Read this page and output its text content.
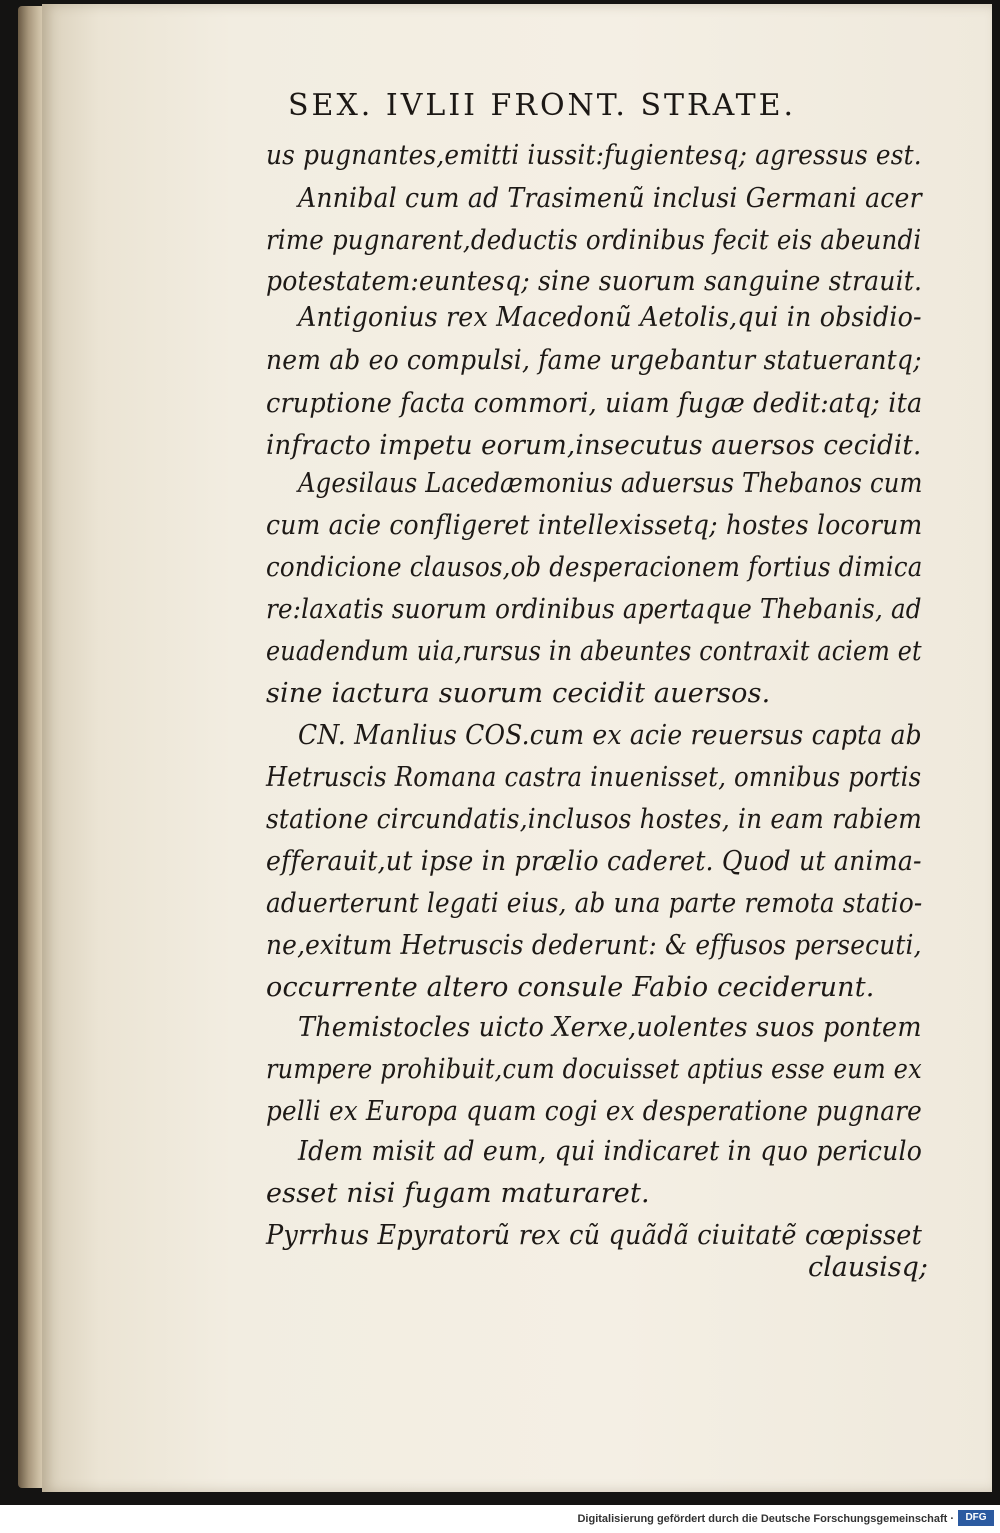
SEX. IVLII FRONT. STRATE.
us pugnantes,emitti iussit:fugientesq; agressus est.
Annibal cum ad Trasimenũ inclusi Germani acer
rime pugnarent,deductis ordinibus fecit eis abeundi
potestatem:euntesq; sine suorum sanguine strauit.
Antigonius rex Macedonũ Aetolis,qui in obsidio-
nem ab eo compulsi, fame urgebantur statuerantq;
cruptione facta commori, uiam fugæ dedit:atq; ita
infracto impetu eorum,insecutus auersos cecidit.
Agesilaus Lacedæmonius aduersus Thebanos cum
cum acie confligeret intellexissetq; hostes locorum
condicione clausos,ob desperacionem fortius dimica
re:laxatis suorum ordinibus apertaque Thebanis, ad
euadendum uia,rursus in abeuntes contraxit aciem et
sine iactura suorum cecidit auersos.
CN. Manlius COS.cum ex acie reuersus capta ab
Hetruscis Romana castra inuenisset, omnibus portis
statione circundatis,inclusos hostes, in eam rabiem
efferauit,ut ipse in prælio caderet. Quod ut anima-
aduerterunt legati eius, ab una parte remota statio-
ne,exitum Hetruscis dederunt: & effusos persecuti,
occurrente altero consule Fabio ceciderunt.
Themistocles uicto Xerxe,uolentes suos pontem
rumpere prohibuit,cum docuisset aptius esse eum ex
pelli ex Europa quam cogi ex desperatione pugnare
Idem misit ad eum, qui indicaret in quo periculo
esset nisi fugam maturaret.
Pyrrhus Epyratorũ rex cũ quãdã ciuitatẽ cœpisset
clausisq;
Digitalisierung gefördert durch die Deutsche Forschungsgemeinschaft ·	DFG
